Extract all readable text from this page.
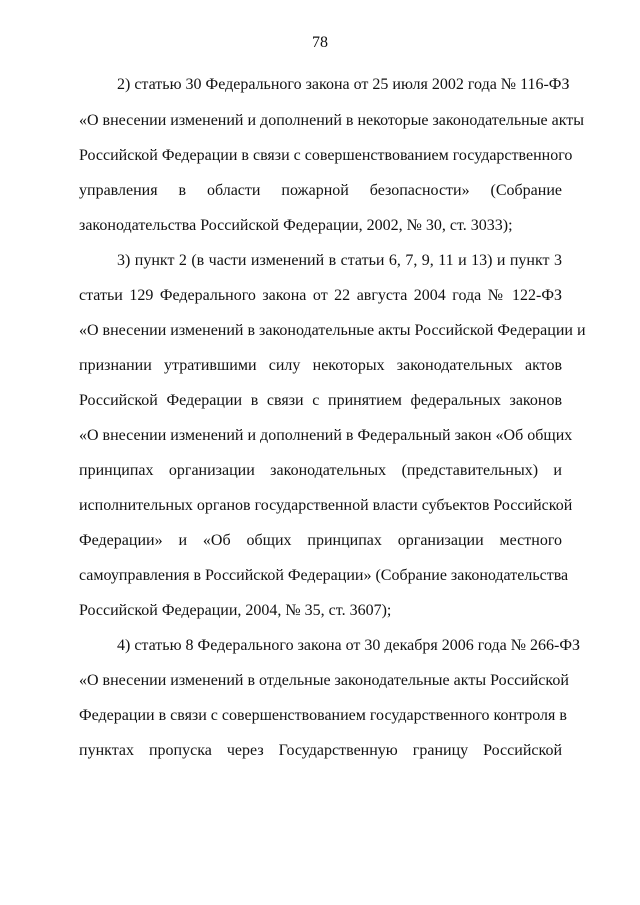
78
2) статью 30 Федерального закона от 25 июля 2002 года № 116-ФЗ
«О внесении изменений и дополнений в некоторые законодательные акты
Российской Федерации в связи с совершенствованием государственного
управления в области пожарной безопасности» (Собрание
законодательства Российской Федерации, 2002, № 30, ст. 3033);
3) пункт 2 (в части изменений в статьи 6, 7, 9, 11 и 13) и пункт 3
статьи 129 Федерального закона от 22 августа 2004 года № 122-ФЗ
«О внесении изменений в законодательные акты Российской Федерации и
признании утратившими силу некоторых законодательных актов
Российской Федерации в связи с принятием федеральных законов
«О внесении изменений и дополнений в Федеральный закон «Об общих
принципах организации законодательных (представительных) и
исполнительных органов государственной власти субъектов Российской
Федерации» и «Об общих принципах организации местного
самоуправления в Российской Федерации» (Собрание законодательства
Российской Федерации, 2004, № 35, ст. 3607);
4) статью 8 Федерального закона от 30 декабря 2006 года № 266-ФЗ
«О внесении изменений в отдельные законодательные акты Российской
Федерации в связи с совершенствованием государственного контроля в
пунктах пропуска через Государственную границу Российской
